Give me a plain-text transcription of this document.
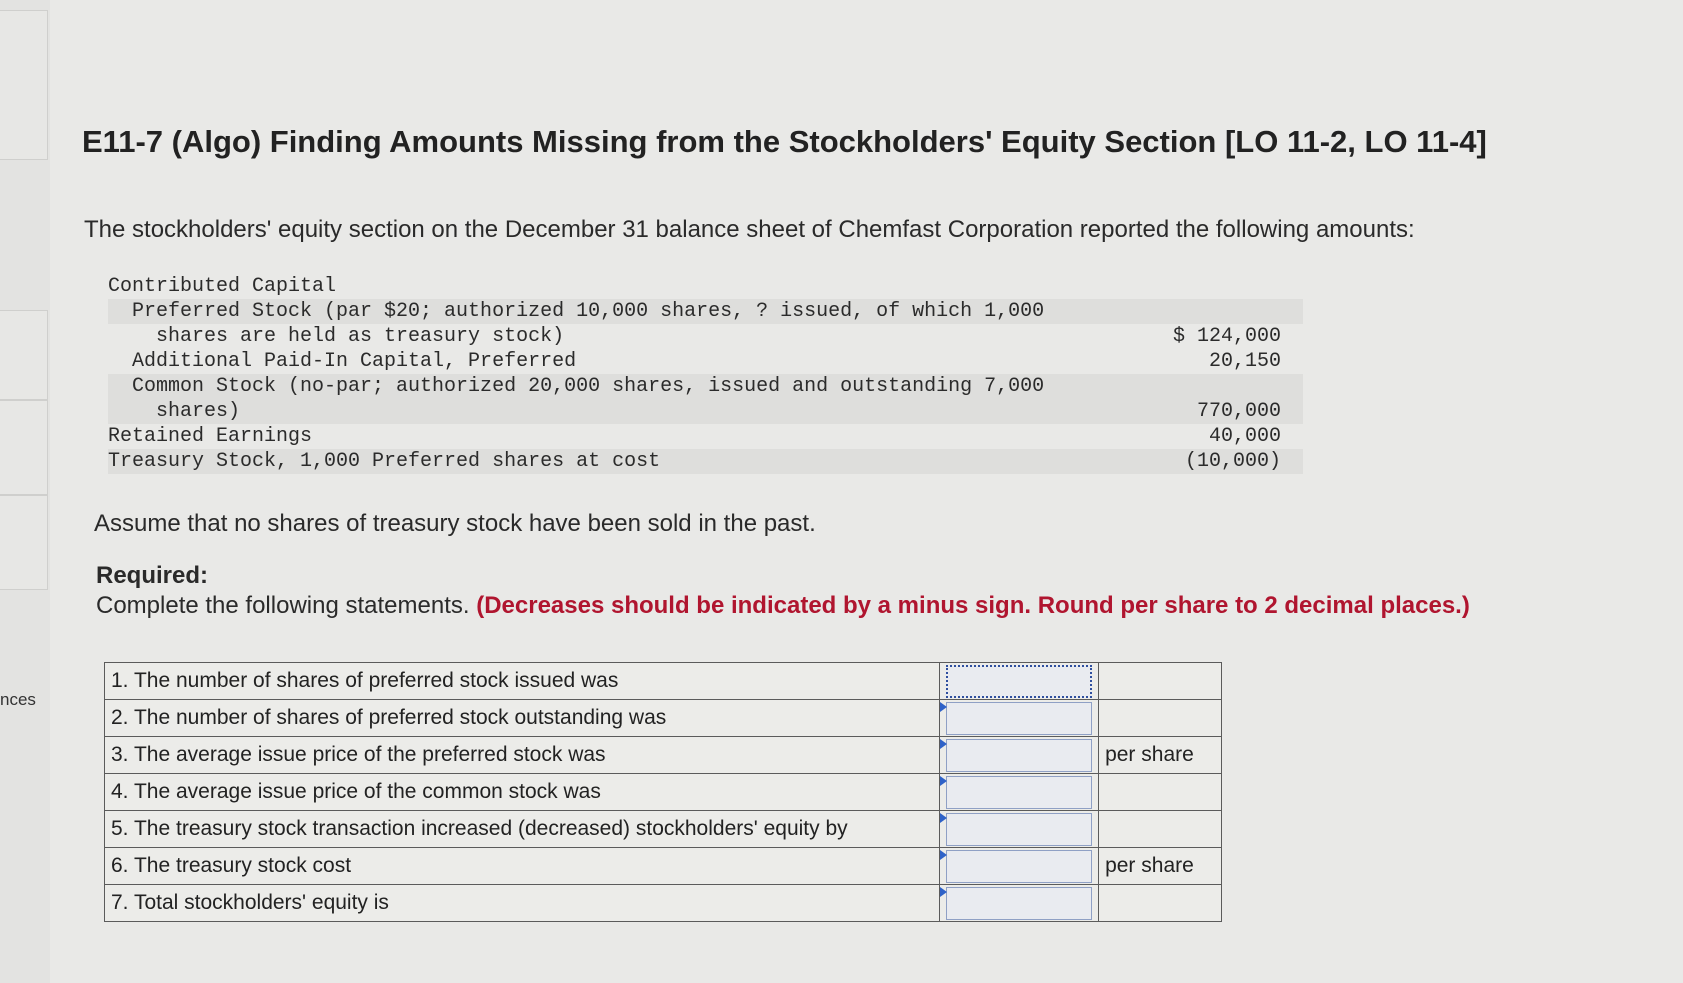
nces
E11-7 (Algo) Finding Amounts Missing from the Stockholders' Equity Section [LO 11-2, LO 11-4]

The stockholders' equity section on the December 31 balance sheet of Chemfast Corporation reported the following amounts:

Contributed Capital
Preferred Stock (par $20; authorized 10,000 shares, ? issued, of which 1,000
shares are held as treasury stock)	$ 124,000
Additional Paid-In Capital, Preferred	20,150
Common Stock (no-par; authorized 20,000 shares, issued and outstanding 7,000
shares)	770,000
Retained Earnings	40,000
Treasury Stock, 1,000 Preferred shares at cost	(10,000)

Assume that no shares of treasury stock have been sold in the past.

Required:

Complete the following statements. (Decreases should be indicated by a minus sign. Round per share to 2 decimal places.)

1. The number of shares of preferred stock issued was		
2. The number of shares of preferred stock outstanding was	

3. The average issue price of the preferred stock was		per share
4. The average issue price of the common stock was	

5. The treasury stock transaction increased (decreased) stockholders' equity by	

6. The treasury stock cost		per share
7. Total stockholders' equity is	
